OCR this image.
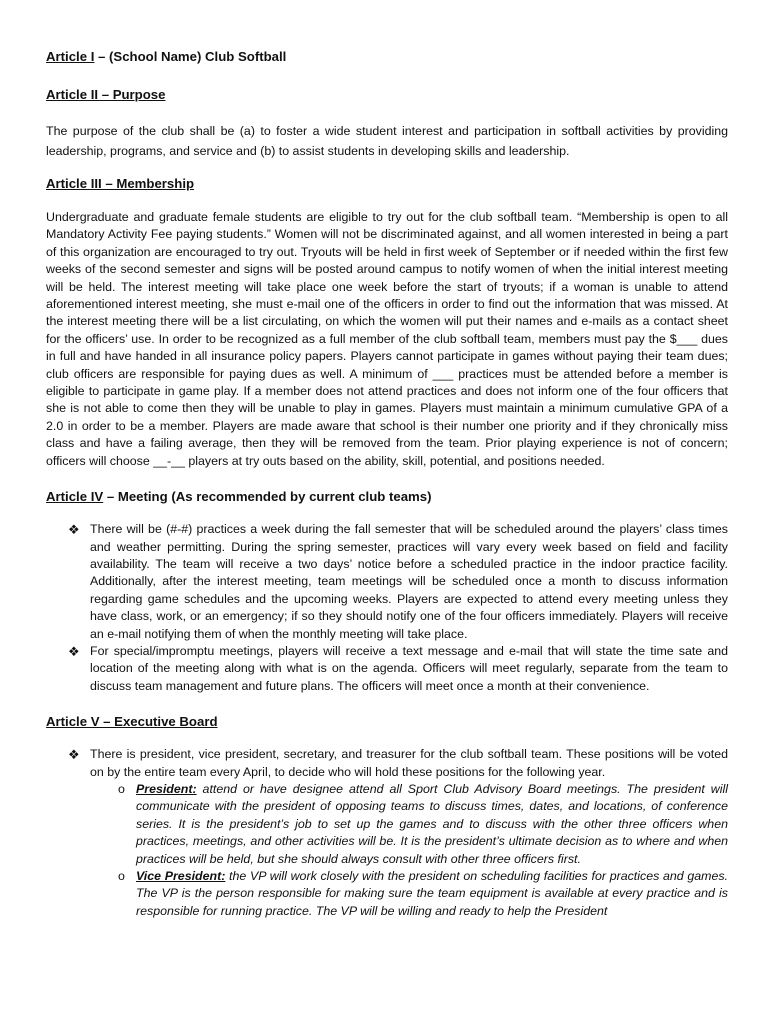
Article I – (School Name) Club Softball
Article II – Purpose

The purpose of the club shall be (a) to foster a wide student interest and participation in softball activities by providing leadership, programs, and service and (b) to assist students in developing skills and leadership.

Article III – Membership

Undergraduate and graduate female students are eligible to try out for the club softball team. “Membership is open to all Mandatory Activity Fee paying students.” Women will not be discriminated against, and all women interested in being a part of this organization are encouraged to try out. Tryouts will be held in first week of September or if needed within the first few weeks of the second semester and signs will be posted around campus to notify women of when the initial interest meeting will be held. The interest meeting will take place one week before the start of tryouts; if a woman is unable to attend aforementioned interest meeting, she must e-mail one of the officers in order to find out the information that was missed. At the interest meeting there will be a list circulating, on which the women will put their names and e-mails as a contact sheet for the officers’ use. In order to be recognized as a full member of the club softball team, members must pay the $___ dues in full and have handed in all insurance policy papers. Players cannot participate in games without paying their team dues; club officers are responsible for paying dues as well. A minimum of ___ practices must be attended before a member is eligible to participate in game play. If a member does not attend practices and does not inform one of the four officers that she is not able to come then they will be unable to play in games. Players must maintain a minimum cumulative GPA of a 2.0 in order to be a member. Players are made aware that school is their number one priority and if they chronically miss class and have a failing average, then they will be removed from the team. Prior playing experience is not of concern; officers will choose __-__ players at try outs based on the ability, skill, potential, and positions needed.

Article IV – Meeting (As recommended by current club teams)
❖ There will be (#-#) practices a week during the fall semester that will be scheduled around the players’ class times and weather permitting. During the spring semester, practices will vary every week based on field and facility availability. The team will receive a two days’ notice before a scheduled practice in the indoor practice facility. Additionally, after the interest meeting, team meetings will be scheduled once a month to discuss information regarding game schedules and the upcoming weeks. Players are expected to attend every meeting unless they have class, work, or an emergency; if so they should notify one of the four officers immediately. Players will receive an e-mail notifying them of when the monthly meeting will take place.
❖ For special/impromptu meetings, players will receive a text message and e-mail that will state the time sate and location of the meeting along with what is on the agenda. Officers will meet regularly, separate from the team to discuss team management and future plans. The officers will meet once a month at their convenience.
Article V – Executive Board
❖ There is president, vice president, secretary, and treasurer for the club softball team. These positions will be voted on by the entire team every April, to decide who will hold these positions for the following year.
o President: attend or have designee attend all Sport Club Advisory Board meetings. The president will communicate with the president of opposing teams to discuss times, dates, and locations, of conference series. It is the president’s job to set up the games and to discuss with the other three officers when practices, meetings, and other activities will be. It is the president’s ultimate decision as to where and when practices will be held, but she should always consult with other three officers first.
o Vice President: the VP will work closely with the president on scheduling facilities for practices and games. The VP is the person responsible for making sure the team equipment is available at every practice and is responsible for running practice. The VP will be willing and ready to help the President
